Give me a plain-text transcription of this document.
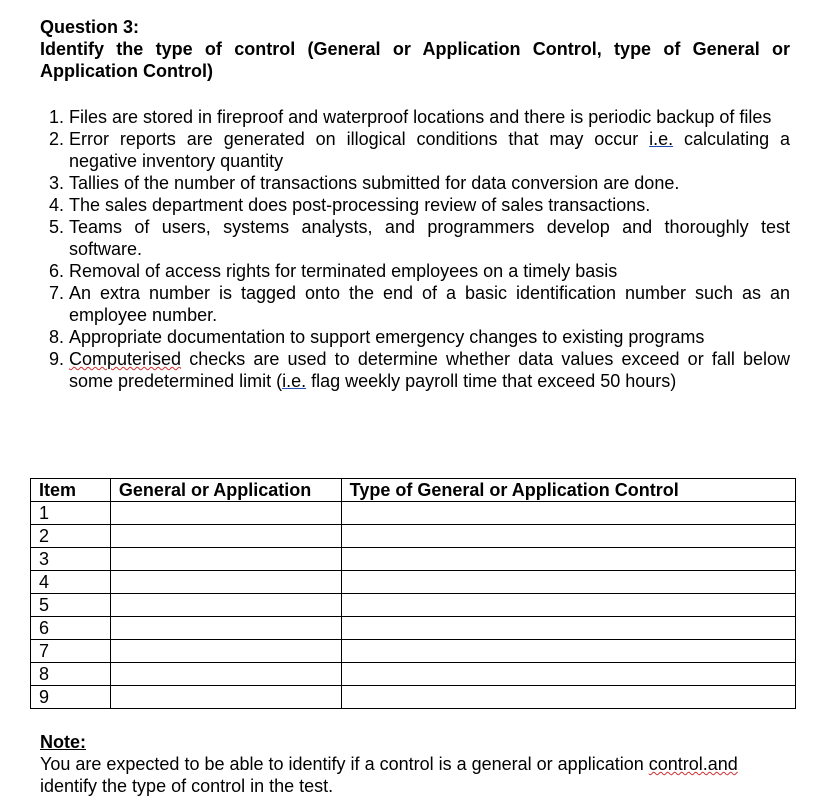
Question 3:

Identify the type of control (General or Application Control, type of General or Application Control)

1. Files are stored in fireproof and waterproof locations and there is periodic backup of files
2. Error reports are generated on illogical conditions that may occur i.e. calculating a negative inventory quantity
3. Tallies of the number of transactions submitted for data conversion are done.
4. The sales department does post-processing review of sales transactions.
5. Teams of users, systems analysts, and programmers develop and thoroughly test software.
6. Removal of access rights for terminated employees on a timely basis
7. An extra number is tagged onto the end of a basic identification number such as an employee number.
8. Appropriate documentation to support emergency changes to existing programs
9. Computerised checks are used to determine whether data values exceed or fall below some predetermined limit (i.e. flag weekly payroll time that exceed 50 hours)
Item	General or Application	Type of General or Application Control
1		
2		
3		
4		
5		
6		
7		
8		
9		

Note:

You are expected to be able to identify if a control is a general or application control.and identify the type of control in the test.
